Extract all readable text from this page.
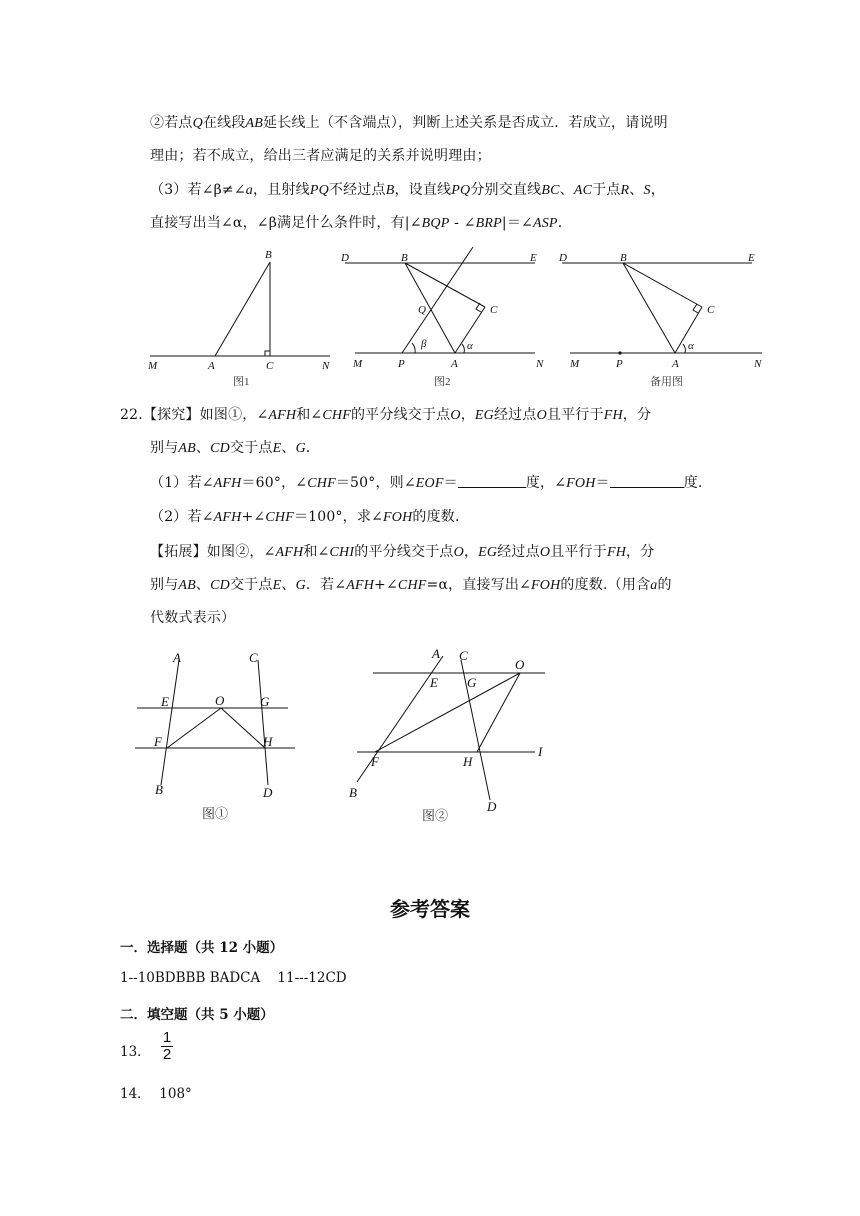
②若点Q在线段AB延长线上（不含端点），判断上述关系是否成立．若成立，请说明
理由；若不成立，给出三者应满足的关系并说明理由；
（3）若∠β≠∠a，且射线PQ不经过点B，设直线PQ分别交直线BC、AC于点R、S，
直接写出当∠α，∠β满足什么条件时，有|∠BQP - ∠BRP|＝∠ASP.
B
M	A	C	N
D	B	E
Q	C
M	P
β
A
α
N
D	B	E
C
M	P	A
α
N
图1	图2	备用图
22.【探究】如图①，∠AFH和∠CHF的平分线交于点O，EG经过点O且平行于FH，分
别与AB、CD交于点E、G．
（1）若∠AFH＝60°，∠CHF＝50°，则∠EOF＝	度，∠FOH＝	度.
（2）若∠AFH+∠CHF＝100°，求∠FOH的度数.
【拓展】如图②，∠AFH和∠CHI的平分线交于点O，EG经过点O且平行于FH，分
别与AB、CD交于点E、G．若∠AFH+∠CHF=α，直接写出∠FOH的度数.（用含a的
代数式表示）
A	C
E	O	G
F	H
B	D
A C
O
E G
F	H
I
B
D
图①	图②
参考答案
一．选择题（共 12 小题）
1--10BDBBB BADCA    11---12CD
二．填空题（共 5 小题）
13．
1
2
14．  108°
